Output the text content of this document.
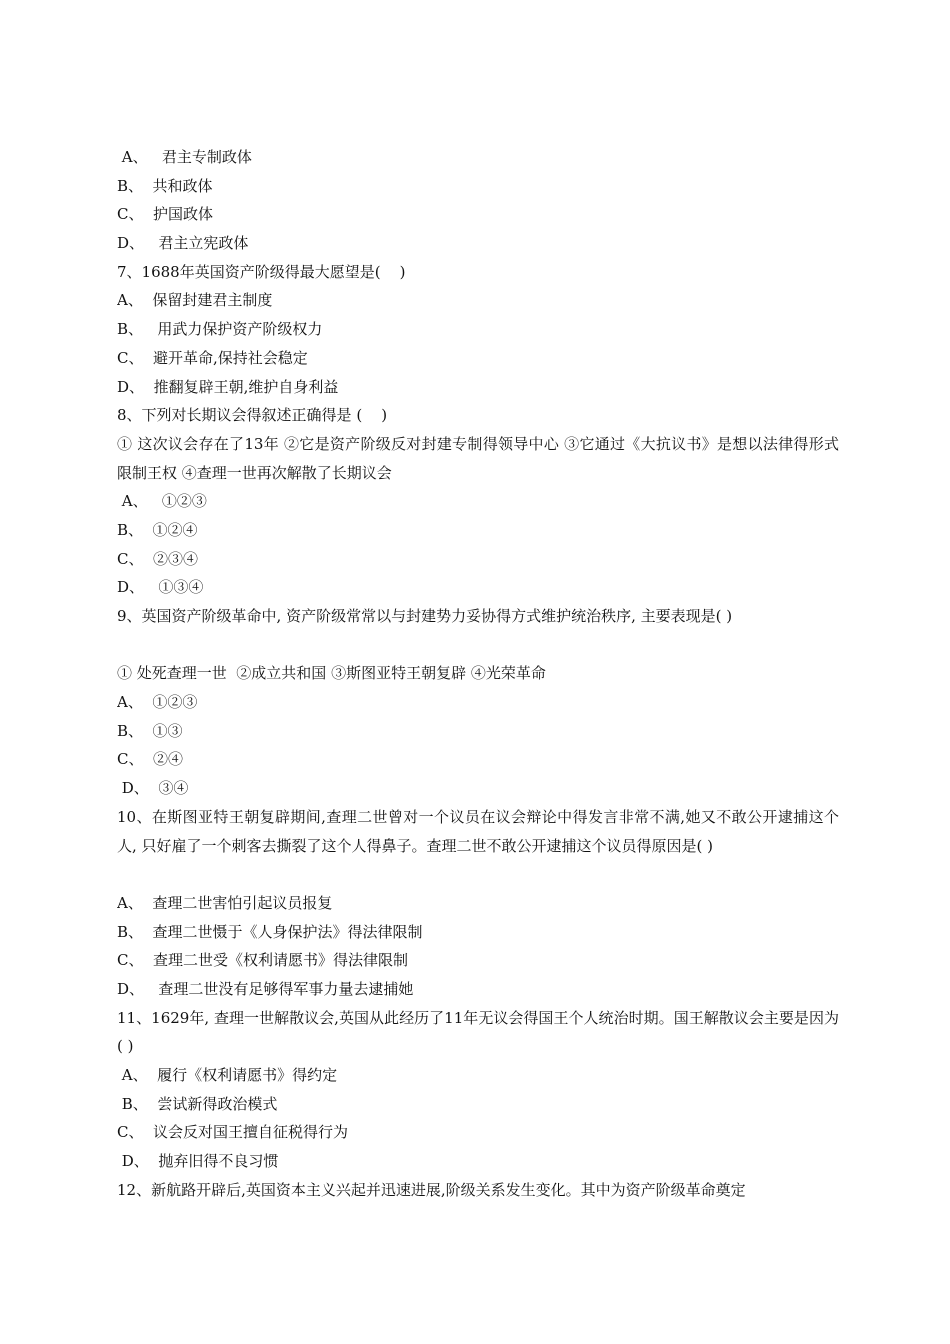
A、   君主专制政体
B、  共和政体
C、  护国政体
D、   君主立宪政体
7、1688年英国资产阶级得最大愿望是(    )
A、  保留封建君主制度
B、   用武力保护资产阶级权力
C、  避开革命,保持社会稳定
D、  推翻复辟王朝,维护自身利益
8、下列对长期议会得叙述正确得是 (    )
① 这次议会存在了13年 ②它是资产阶级反对封建专制得领导中心 ③它通过《大抗议书》是想以法律得形式限制王权 ④查理一世再次解散了长期议会
A、   ①②③
B、  ①②④
C、  ②③④
D、   ①③④
9、英国资产阶级革命中, 资产阶级常常以与封建势力妥协得方式维护统治秩序, 主要表现是( )
① 处死查理一世  ②成立共和国 ③斯图亚特王朝复辟 ④光荣革命
A、  ①②③
B、  ①③
C、  ②④
D、  ③④
10、在斯图亚特王朝复辟期间,查理二世曾对一个议员在议会辩论中得发言非常不满,她又不敢公开逮捕这个人, 只好雇了一个刺客去撕裂了这个人得鼻子。查理二世不敢公开逮捕这个议员得原因是( )
A、  查理二世害怕引起议员报复
B、  查理二世慑于《人身保护法》得法律限制
C、  查理二世受《权利请愿书》得法律限制
D、   查理二世没有足够得军事力量去逮捕她
11、1629年, 查理一世解散议会,英国从此经历了11年无议会得国王个人统治时期。国王解散议会主要是因为 ( )
A、  履行《权利请愿书》得约定
B、  尝试新得政治模式
C、  议会反对国王擅自征税得行为
D、  抛弃旧得不良习惯
12、新航路开辟后,英国资本主义兴起并迅速进展,阶级关系发生变化。其中为资产阶级革命奠定
